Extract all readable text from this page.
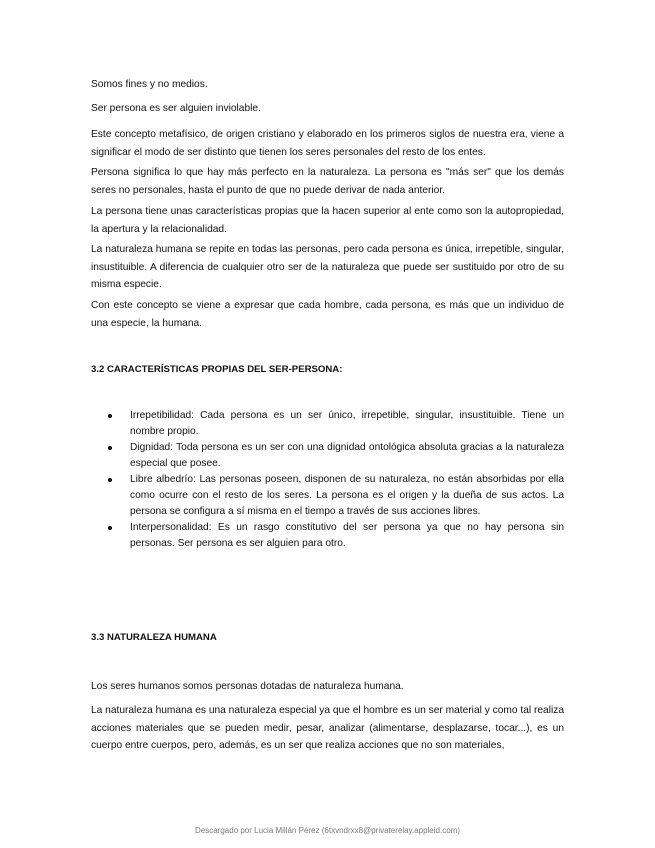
Somos fines y no medios.

Ser persona es ser alguien inviolable.

Este concepto metafísico, de origen cristiano y elaborado en los primeros siglos de nuestra era, viene a significar el modo de ser distinto que tienen los seres personales del resto de los entes.

Persona significa lo que hay más perfecto en la naturaleza. La persona es "más ser" que los demás seres no personales, hasta el punto de que no puede derivar de nada anterior.

La persona tiene unas características propias que la hacen superior al ente como son la autopropiedad, la apertura y la relacionalidad.

La naturaleza humana se repite en todas las personas, pero cada persona es única, irrepetible, singular, insustituible. A diferencia de cualquier otro ser de la naturaleza que puede ser sustituido por otro de su misma especie.

Con este concepto se viene a expresar que cada hombre, cada persona, es más que un individuo de una especie, la humana.

3.2 CARACTERÍSTICAS PROPIAS DEL SER-PERSONA:
Irrepetibilidad: Cada persona es un ser único, irrepetible, singular, insustituible. Tiene un nombre propio.
Dignidad: Toda persona es un ser con una dignidad ontológica absoluta gracias a la naturaleza especial que posee.
Libre albedrío: Las personas poseen, disponen de su naturaleza, no están absorbidas por ella como ocurre con el resto de los seres. La persona es el origen y la dueña de sus actos. La persona se configura a sí misma en el tiempo a través de sus acciones libres.
Interpersonalidad: Es un rasgo constitutivo del ser persona ya que no hay persona sin personas. Ser persona es ser alguien para otro.
3.3 NATURALEZA HUMANA

Los seres humanos somos personas dotadas de naturaleza humana.

La naturaleza humana es una naturaleza especial ya que el hombre es un ser material y como tal realiza acciones materiales que se pueden medir, pesar, analizar (alimentarse, desplazarse, tocar...), es un cuerpo entre cuerpos, pero, además, es un ser que realiza acciones que no son materiales,

Descargado por Lucia Millán Pérez (6txvndrxx8@privaterelay.appleid.com)
